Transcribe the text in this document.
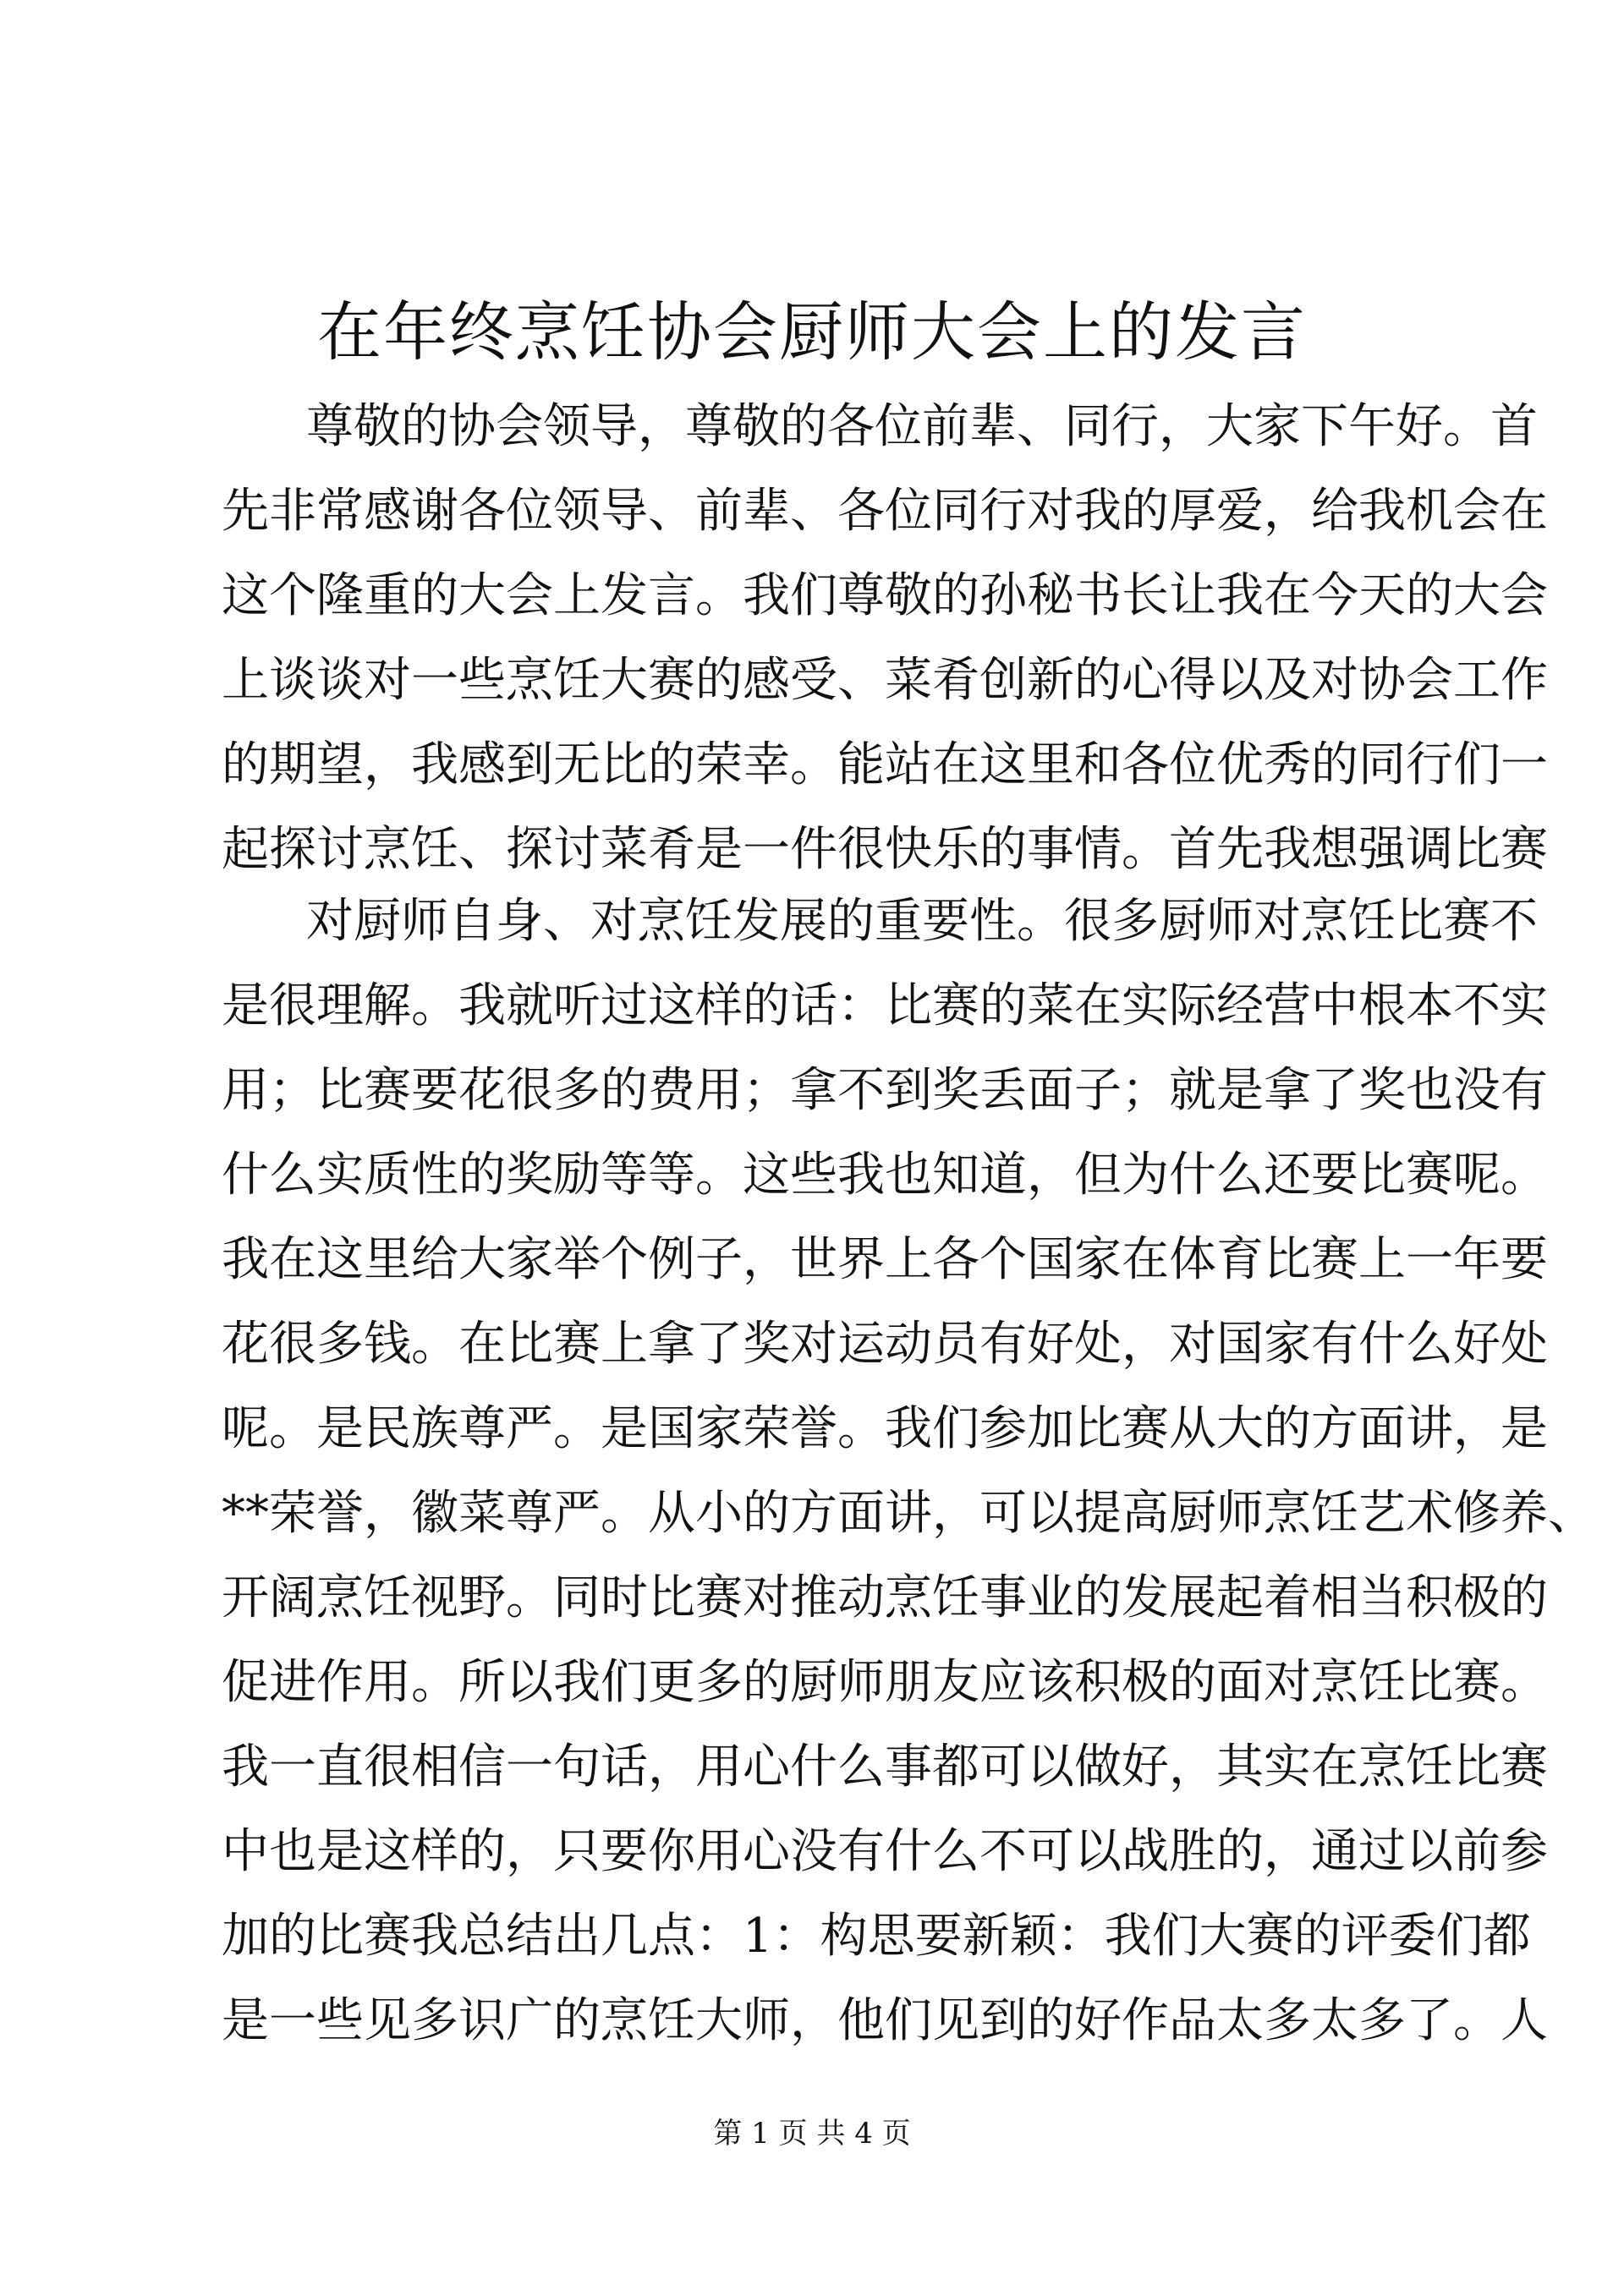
在年终烹饪协会厨师大会上的发言
尊敬的协会领导，尊敬的各位前辈、同行，大家下午好。首
先非常感谢各位领导、前辈、各位同行对我的厚爱，给我机会在
这个隆重的大会上发言。我们尊敬的孙秘书长让我在今天的大会
上谈谈对一些烹饪大赛的感受、菜肴创新的心得以及对协会工作
的期望，我感到无比的荣幸。能站在这里和各位优秀的同行们一
起探讨烹饪、探讨菜肴是一件很快乐的事情。首先我想强调比赛
对厨师自身、对烹饪发展的重要性。很多厨师对烹饪比赛不
是很理解。我就听过这样的话：比赛的菜在实际经营中根本不实
用；比赛要花很多的费用；拿不到奖丢面子；就是拿了奖也没有
什么实质性的奖励等等。这些我也知道，但为什么还要比赛呢。
我在这里给大家举个例子，世界上各个国家在体育比赛上一年要
花很多钱。在比赛上拿了奖对运动员有好处，对国家有什么好处
呢。是民族尊严。是国家荣誉。我们参加比赛从大的方面讲，是
**荣誉，徽菜尊严。从小的方面讲，可以提高厨师烹饪艺术修养、
开阔烹饪视野。同时比赛对推动烹饪事业的发展起着相当积极的
促进作用。所以我们更多的厨师朋友应该积极的面对烹饪比赛。
我一直很相信一句话，用心什么事都可以做好，其实在烹饪比赛
中也是这样的，只要你用心没有什么不可以战胜的，通过以前参
加的比赛我总结出几点：1：构思要新颖：我们大赛的评委们都
是一些见多识广的烹饪大师，他们见到的好作品太多太多了。人
第 1 页 共 4 页
